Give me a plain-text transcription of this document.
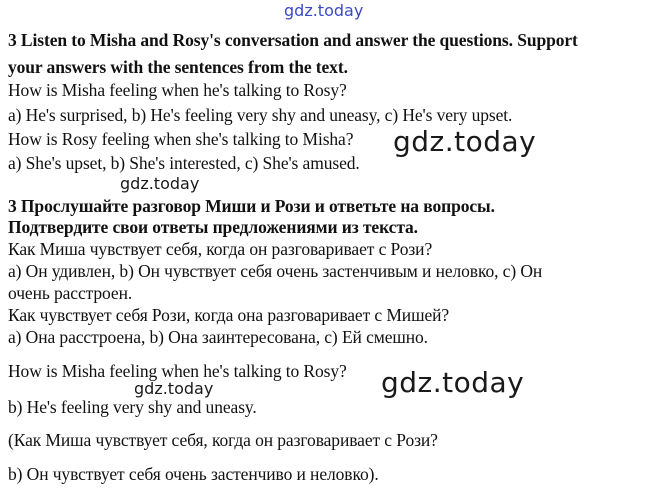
gdz.today
3 Listen to Misha and Rosy's conversation and answer the questions. Support
your answers with the sentences from the text.
How is Misha feeling when he's talking to Rosy?
a) He's surprised, b) He's feeling very shy and uneasy, c) He's very upset.
How is Rosy feeling when she's talking to Misha?
a) She's upset, b) She's interested, c) She's amused.
gdz.today
gdz.today
3 Прослушайте разговор Миши и Рози и ответьте на вопросы.
Подтвердите свои ответы предложениями из текста.
Как Миша чувствует себя, когда он разговаривает с Рози?
а) Он удивлен, b) Он чувствует себя очень застенчивым и неловко, с) Он
очень расстроен.
Как чувствует себя Рози, когда она разговаривает с Мишей?
а) Она расстроена, b) Она заинтересована, с) Ей смешно.
How is Misha feeling when he's talking to Rosy?
gdz.today	gdz.today
b) He's feeling very shy and uneasy.
(Как Миша чувствует себя, когда он разговаривает с Рози?
b) Он чувствует себя очень застенчиво и неловко).
